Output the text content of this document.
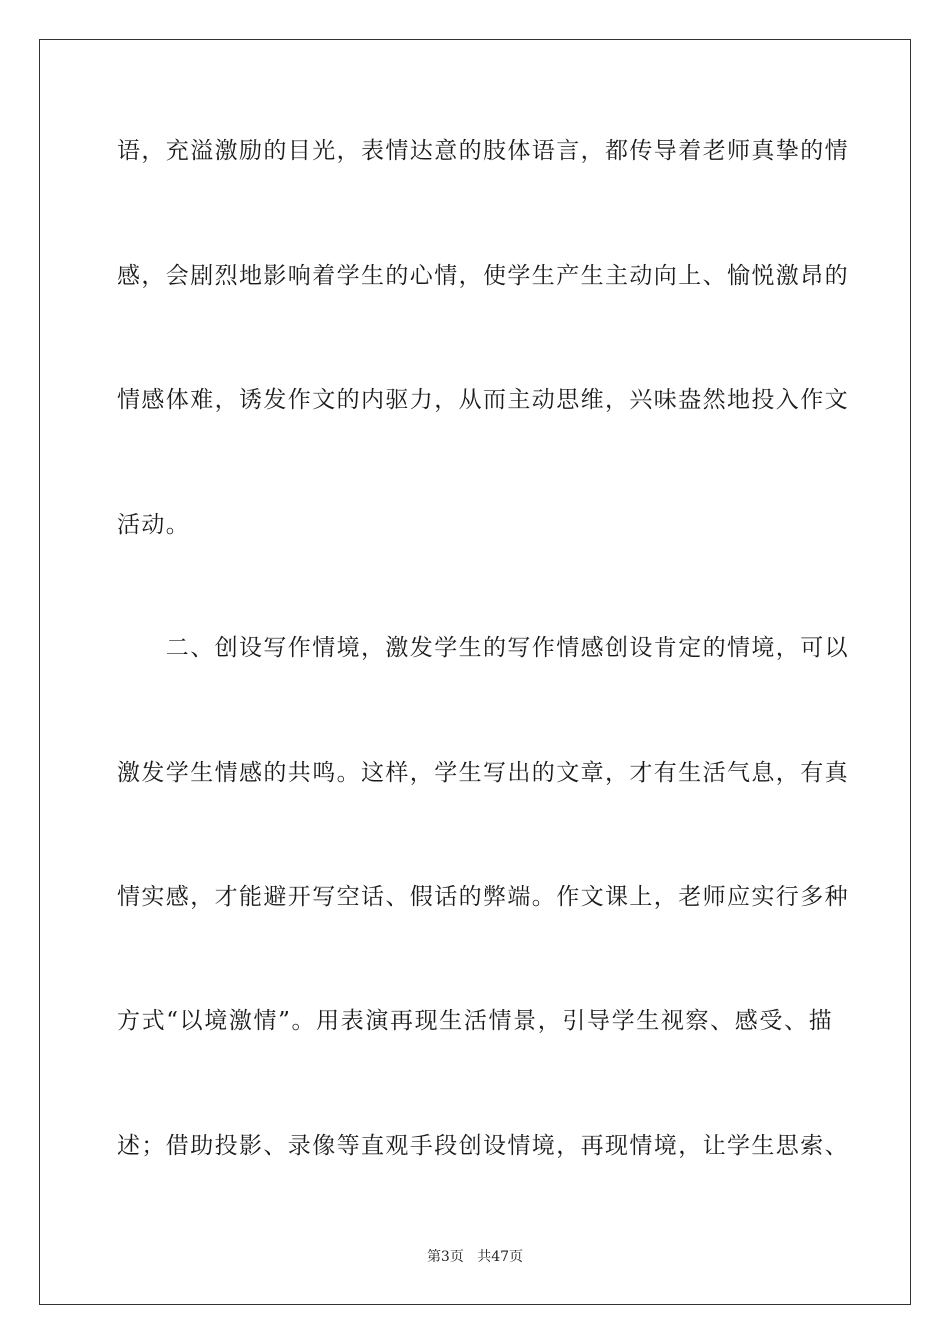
语，充溢激励的目光，表情达意的肢体语言，都传导着老师真挚的情
感，会剧烈地影响着学生的心情，使学生产生主动向上、愉悦激昂的
情感体难，诱发作文的内驱力，从而主动思维，兴味盎然地投入作文
活动。
　　二、创设写作情境，激发学生的写作情感创设肯定的情境，可以
激发学生情感的共鸣。这样，学生写出的文章，才有生活气息，有真
情实感，才能避开写空话、假话的弊端。作文课上，老师应实行多种
方式“以境激情”。用表演再现生活情景，引导学生视察、感受、描
述；借助投影、录像等直观手段创设情境，再现情境，让学生思索、
第3页 共47页
